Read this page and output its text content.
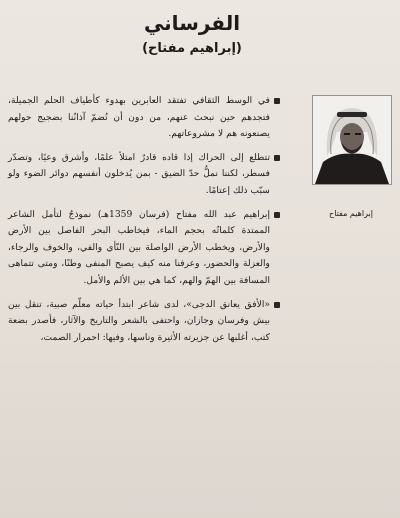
الفرساني
(إبراهيم مفتاح)
إبراهيم مفتاح
في الوسط الثقافي تفتقد العابرين بهدوء كأطياف الحلم الجميلة، فتجدهم حين نبحث عنهم، من دون أن تُضمّ آذانُنا بضجيج حولهم يصنعونه هم لا مشروعاتهم.
تتطلع إلى الحراك إذا قاده قادرٌ امتلأ علمًا، وأشرق وعيًا، وتصدّر فسطر، لكننا نملُّ حدّ الضيق - بمن يُدخلون أنفسهم دوائر الضوء ولو سبّب ذلك إعتامًا.
إبراهيم عبد الله مفتاح (فرسان 1359هـ) نموذجٌ لتأمل الشاعر الممتدة كلماتُه بحجم الماء، فيخاطب البحر الفاصل بين الأرض والأرض، ويخطب الأرض الواصلة بين النّأي والفي، والخوف والرجاء، والعزلة والحضور، وعرفنا منه كيف يصبح المنفى وطنًا، ومتى تتماهى المسافة بين الهمّ والهم، كما هي بين الألم والأمل.
«الأفق يعانق الدجى»، لدى شاعر ابتدأ حياته معلّم صبية، تنقل بين بيش وفرسان وجازان، واحتفى بالشعر والتاريخ والآثار، فأصدر بضعة كتب، أغلبها عن جزيرته الأثيرة وناسها، وفيها: احمرار الصمت،
